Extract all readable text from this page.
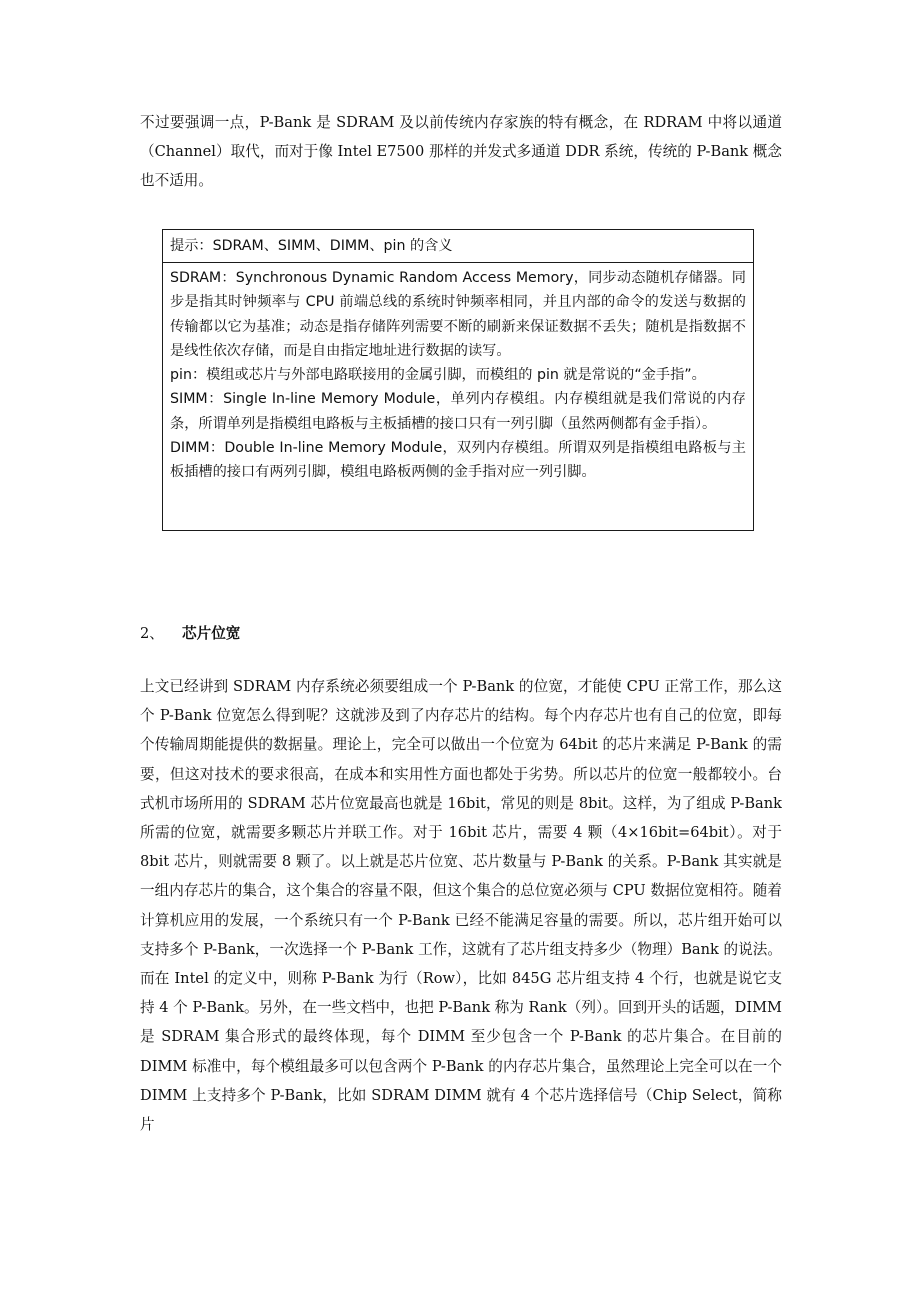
不过要强调一点，P-Bank 是 SDRAM 及以前传统内存家族的特有概念，在 RDRAM 中将以通道（Channel）取代，而对于像 Intel E7500 那样的并发式多通道 DDR 系统，传统的 P-Bank 概念也不适用。

提示：SDRAM、SIMM、DIMM、pin 的含义

SDRAM：Synchronous Dynamic Random Access Memory，同步动态随机存储器。同步是指其时钟频率与 CPU 前端总线的系统时钟频率相同，并且内部的命令的发送与数据的传输都以它为基准；动态是指存储阵列需要不断的刷新来保证数据不丢失；随机是指数据不是线性依次存储，而是自由指定地址进行数据的读写。

pin：模组或芯片与外部电路联接用的金属引脚，而模组的 pin 就是常说的“金手指”。

SIMM：Single In-line Memory Module，单列内存模组。内存模组就是我们常说的内存条，所谓单列是指模组电路板与主板插槽的接口只有一列引脚（虽然两侧都有金手指）。

DIMM：Double In-line Memory Module，双列内存模组。所谓双列是指模组电路板与主板插槽的接口有两列引脚，模组电路板两侧的金手指对应一列引脚。

2、 芯片位宽

上文已经讲到 SDRAM 内存系统必须要组成一个 P-Bank 的位宽，才能使 CPU 正常工作，那么这个 P-Bank 位宽怎么得到呢？这就涉及到了内存芯片的结构。每个内存芯片也有自己的位宽，即每个传输周期能提供的数据量。理论上，完全可以做出一个位宽为 64bit 的芯片来满足 P-Bank 的需要，但这对技术的要求很高，在成本和实用性方面也都处于劣势。所以芯片的位宽一般都较小。台式机市场所用的 SDRAM 芯片位宽最高也就是 16bit，常见的则是 8bit。这样，为了组成 P-Bank 所需的位宽，就需要多颗芯片并联工作。对于 16bit 芯片，需要 4 颗（4×16bit=64bit）。对于 8bit 芯片，则就需要 8 颗了。以上就是芯片位宽、芯片数量与 P-Bank 的关系。P-Bank 其实就是一组内存芯片的集合，这个集合的容量不限，但这个集合的总位宽必须与 CPU 数据位宽相符。随着计算机应用的发展，一个系统只有一个 P-Bank 已经不能满足容量的需要。所以，芯片组开始可以支持多个 P-Bank，一次选择一个 P-Bank 工作，这就有了芯片组支持多少（物理）Bank 的说法。而在 Intel 的定义中，则称 P-Bank 为行（Row），比如 845G 芯片组支持 4 个行，也就是说它支持 4 个 P-Bank。另外，在一些文档中，也把 P-Bank 称为 Rank（列）。回到开头的话题，DIMM 是 SDRAM 集合形式的最终体现，每个 DIMM 至少包含一个 P-Bank 的芯片集合。在目前的 DIMM 标准中，每个模组最多可以包含两个 P-Bank 的内存芯片集合，虽然理论上完全可以在一个 DIMM 上支持多个 P-Bank，比如 SDRAM DIMM 就有 4 个芯片选择信号（Chip Select，简称片
